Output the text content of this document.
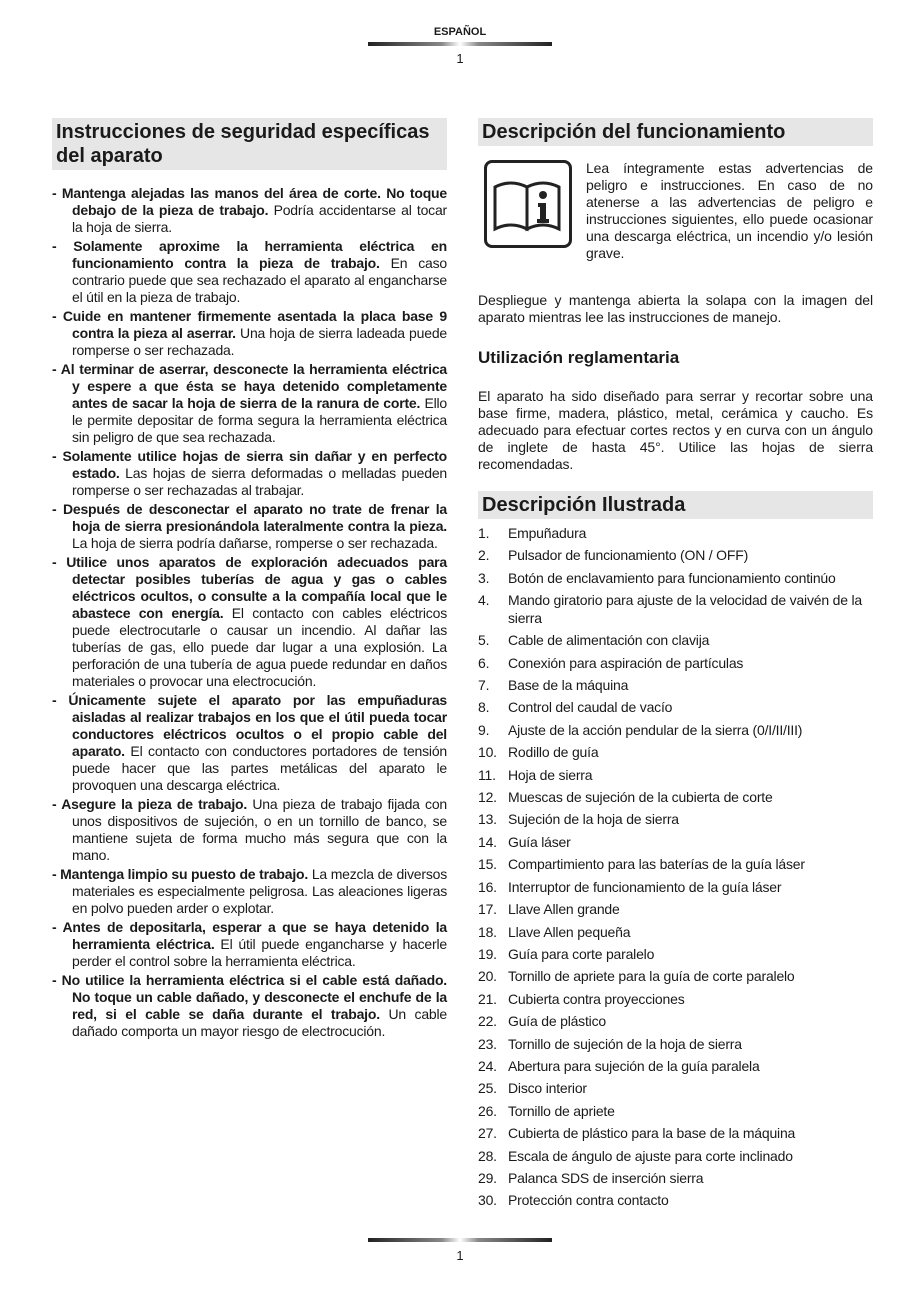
ESPAÑOL
1
Instrucciones de seguridad específicas del aparato
- Mantenga alejadas las manos del área de corte. No toque debajo de la pieza de trabajo. Podría accidentarse al tocar la hoja de sierra.
- Solamente aproxime la herramienta eléctrica en funcionamiento contra la pieza de trabajo. En caso contrario puede que sea rechazado el aparato al engancharse el útil en la pieza de trabajo.
- Cuide en mantener firmemente asentada la placa base 9 contra la pieza al aserrar. Una hoja de sierra ladeada puede romperse o ser rechazada.
- Al terminar de aserrar, desconecte la herramienta eléctrica y espere a que ésta se haya detenido completamente antes de sacar la hoja de sierra de la ranura de corte. Ello le permite depositar de forma segura la herramienta eléctrica sin peligro de que sea rechazada.
- Solamente utilice hojas de sierra sin dañar y en perfecto estado. Las hojas de sierra deformadas o melladas pueden romperse o ser rechazadas al trabajar.
- Después de desconectar el aparato no trate de frenar la hoja de sierra presionándola lateralmente contra la pieza. La hoja de sierra podría dañarse, romperse o ser rechazada.
- Utilice unos aparatos de exploración adecuados para detectar posibles tuberías de agua y gas o cables eléctricos ocultos, o consulte a la compañía local que le abastece con energía. El contacto con cables eléctricos puede electrocutarle o causar un incendio. Al dañar las tuberías de gas, ello puede dar lugar a una explosión. La perforación de una tubería de agua puede redundar en daños materiales o provocar una electrocución.
- Únicamente sujete el aparato por las empuñaduras aisladas al realizar trabajos en los que el útil pueda tocar conductores eléctricos ocultos o el propio cable del aparato. El contacto con conductores portadores de tensión puede hacer que las partes metálicas del aparato le provoquen una descarga eléctrica.
- Asegure la pieza de trabajo. Una pieza de trabajo fijada con unos dispositivos de sujeción, o en un tornillo de banco, se mantiene sujeta de forma mucho más segura que con la mano.
- Mantenga limpio su puesto de trabajo. La mezcla de diversos materiales es especialmente peligrosa. Las aleaciones ligeras en polvo pueden arder o explotar.
- Antes de depositarla, esperar a que se haya detenido la herramienta eléctrica. El útil puede engancharse y hacerle perder el control sobre la herramienta eléctrica.
- No utilice la herramienta eléctrica si el cable está dañado. No toque un cable dañado, y desconecte el enchufe de la red, si el cable se daña durante el trabajo. Un cable dañado comporta un mayor riesgo de electrocución.
Descripción del funcionamiento
Lea íntegramente estas advertencias de peligro e instrucciones. En caso de no atenerse a las advertencias de peligro e instrucciones siguientes, ello puede ocasionar una descarga eléctrica, un incendio y/o lesión grave.
Despliegue y mantenga abierta la solapa con la imagen del aparato mientras lee las instrucciones de manejo.
Utilización reglamentaria
El aparato ha sido diseñado para serrar y recortar sobre una base firme, madera, plástico, metal, cerámica y caucho. Es adecuado para efectuar cortes rectos y en curva con un ángulo de inglete de hasta 45°. Utilice las hojas de sierra recomendadas.
Descripción Ilustrada
1.	Empuñadura
2.	Pulsador de funcionamiento (ON / OFF)
3.	Botón de enclavamiento para funcionamiento continúo
4.	Mando giratorio para ajuste de la velocidad de vaivén de la sierra
5.	Cable de alimentación con clavija
6.	Conexión para aspiración de partículas
7.	Base de la máquina
8.	Control del caudal de vacío
9.	Ajuste de la acción pendular de la sierra (0/I/II/III)
10. Rodillo de guía
11. Hoja de sierra
12. Muescas de sujeción de la cubierta de corte
13. Sujeción de la hoja de sierra
14. Guía láser
15. Compartimiento para las baterías de la guía láser
16. Interruptor de funcionamiento de la guía láser
17. Llave Allen grande
18. Llave Allen pequeña
19. Guía para corte paralelo
20. Tornillo de apriete para la guía de corte paralelo
21. Cubierta contra proyecciones
22. Guía de plástico
23. Tornillo de sujeción de la hoja de sierra
24. Abertura para sujeción de la guía paralela
25. Disco interior
26. Tornillo de apriete
27. Cubierta de plástico para la base de la máquina
28. Escala de ángulo de ajuste para corte inclinado
29. Palanca SDS de inserción sierra
30. Protección contra contacto
1
